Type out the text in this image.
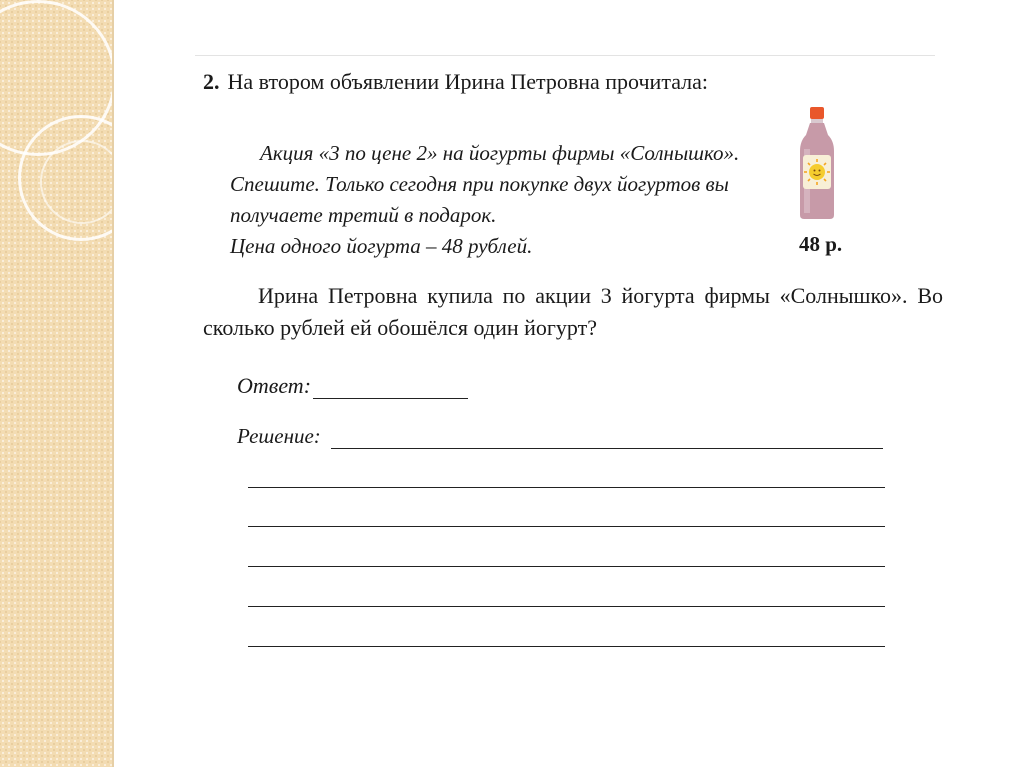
2. На втором объявлении Ирина Петровна прочитала:
Акция «3 по цене 2» на йогурты фирмы «Солнышко».
Спешите. Только сегодня при покупке двух йогуртов вы
получаете третий в подарок.
Цена одного йогурта – 48 рублей.	48 р.
Ирина Петровна купила по акции 3 йогурта фирмы «Солнышко». Во
сколько рублей ей обошёлся один йогурт?
Ответ:
Решение:
